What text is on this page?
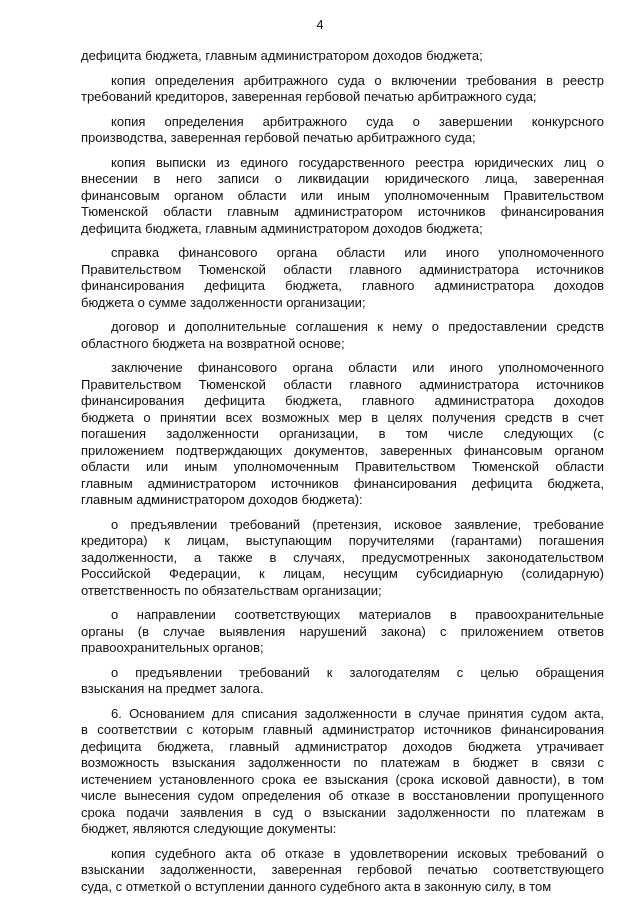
4
дефицита бюджета, главным администратором доходов бюджета;
копия определения арбитражного суда о включении требования в реестр
требований кредиторов, заверенная гербовой печатью арбитражного суда;
копия определения арбитражного суда о завершении конкурсного
производства, заверенная гербовой печатью арбитражного суда;
копия выписки из единого государственного реестра юридических лиц о
внесении в него записи о ликвидации юридического лица, заверенная
финансовым органом области или иным уполномоченным Правительством
Тюменской области главным администратором источников финансирования
дефицита бюджета, главным администратором доходов бюджета;
справка финансового органа области или иного уполномоченного
Правительством Тюменской области главного администратора источников
финансирования дефицита бюджета, главного администратора доходов
бюджета о сумме задолженности организации;
договор и дополнительные соглашения к нему о предоставлении средств
областного бюджета на возвратной основе;
заключение финансового органа области или иного уполномоченного
Правительством Тюменской области главного администратора источников
финансирования дефицита бюджета, главного администратора доходов
бюджета о принятии всех возможных мер в целях получения средств в счет
погашения задолженности организации, в том числе следующих (с
приложением подтверждающих документов, заверенных финансовым органом
области или иным уполномоченным Правительством Тюменской области
главным администратором источников финансирования дефицита бюджета,
главным администратором доходов бюджета):
о предъявлении требований (претензия, исковое заявление, требование
кредитора) к лицам, выступающим поручителями (гарантами) погашения
задолженности, а также в случаях, предусмотренных законодательством
Российской Федерации, к лицам, несущим субсидиарную (солидарную)
ответственность по обязательствам организации;
о направлении соответствующих материалов в правоохранительные
органы (в случае выявления нарушений закона) с приложением ответов
правоохранительных органов;
о предъявлении требований к залогодателям с целью обращения
взыскания на предмет залога.
6. Основанием для списания задолженности в случае принятия судом акта,
в соответствии с которым главный администратор источников финансирования
дефицита бюджета, главный администратор доходов бюджета утрачивает
возможность взыскания задолженности по платежам в бюджет в связи с
истечением установленного срока ее взыскания (срока исковой давности), в том
числе вынесения судом определения об отказе в восстановлении пропущенного
срока подачи заявления в суд о взыскании задолженности по платежам в
бюджет, являются следующие документы:
копия судебного акта об отказе в удовлетворении исковых требований о
взыскании задолженности, заверенная гербовой печатью соответствующего
суда, с отметкой о вступлении данного судебного акта в законную силу, в том
